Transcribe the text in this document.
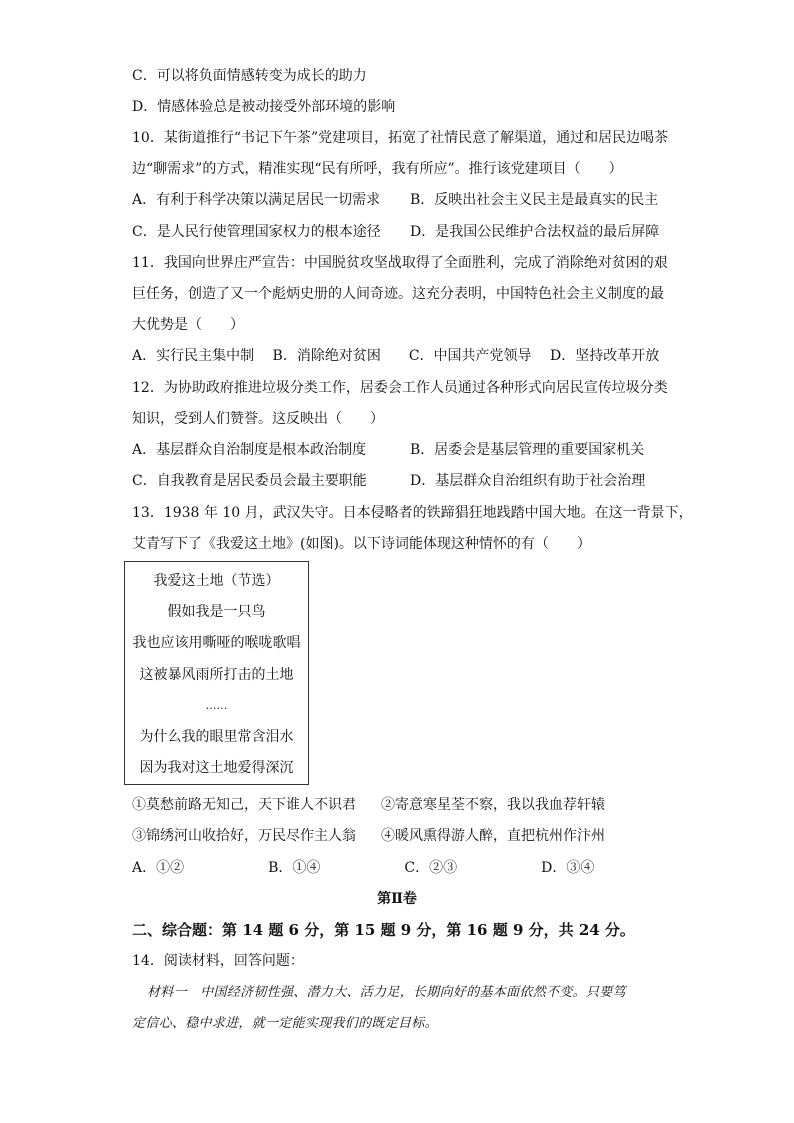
C．可以将负面情感转变为成长的助力
D．情感体验总是被动接受外部环境的影响
10．某街道推行“书记下午茶”党建项目，拓宽了社情民意了解渠道，通过和居民边喝茶
边“聊需求”的方式，精准实现“民有所呼，我有所应”。推行该党建项目（　　）
A．有利于科学决策以满足居民一切需求 B．反映出社会主义民主是最真实的民主
C．是人民行使管理国家权力的根本途径 D．是我国公民维护合法权益的最后屏障
11．我国向世界庄严宣告：中国脱贫攻坚战取得了全面胜利，完成了消除绝对贫困的艰
巨任务，创造了又一个彪炳史册的人间奇迹。这充分表明，中国特色社会主义制度的最
大优势是（　　）
A．实行民主集中制　 B．消除绝对贫困　　C．中国共产党领导　 D．坚持改革开放
12．为协助政府推进垃圾分类工作，居委会工作人员通过各种形式向居民宣传垃圾分类
知识，受到人们赞誉。这反映出（　　）
A．基层群众自治制度是根本政治制度	B．居委会是基层管理的重要国家机关
C．自我教育是居民委员会最主要职能	D．基层群众自治组织有助于社会治理
13．1938 年 10 月，武汉失守。日本侵略者的铁蹄猖狂地践踏中国大地。在这一背景下，
艾青写下了《我爱这土地》(如图)。以下诗词能体现这种情怀的有（　　）
我爱这土地（节选）
假如我是一只鸟
我也应该用嘶哑的喉咙歌唱
这被暴风雨所打击的土地
……
为什么我的眼里常含泪水
因为我对这土地爱得深沉
①莫愁前路无知己，天下谁人不识君 ②寄意寒星荃不察，我以我血荐轩辕
③锦绣河山收拾好，万民尽作主人翁 ④暖风熏得游人醉，直把杭州作汴州
A．①②　　　　　　B．①④　　　　　　C．②③　　　　　　D．③④
第Ⅱ卷
二、综合题：第 14 题 6 分，第 15 题 9 分，第 16 题 9 分，共 24 分。
14．阅读材料，回答问题：
材料一　中国经济韧性强、潜力大、活力足，长期向好的基本面依然不变。只要笃
定信心、稳中求进，就一定能实现我们的既定目标。
